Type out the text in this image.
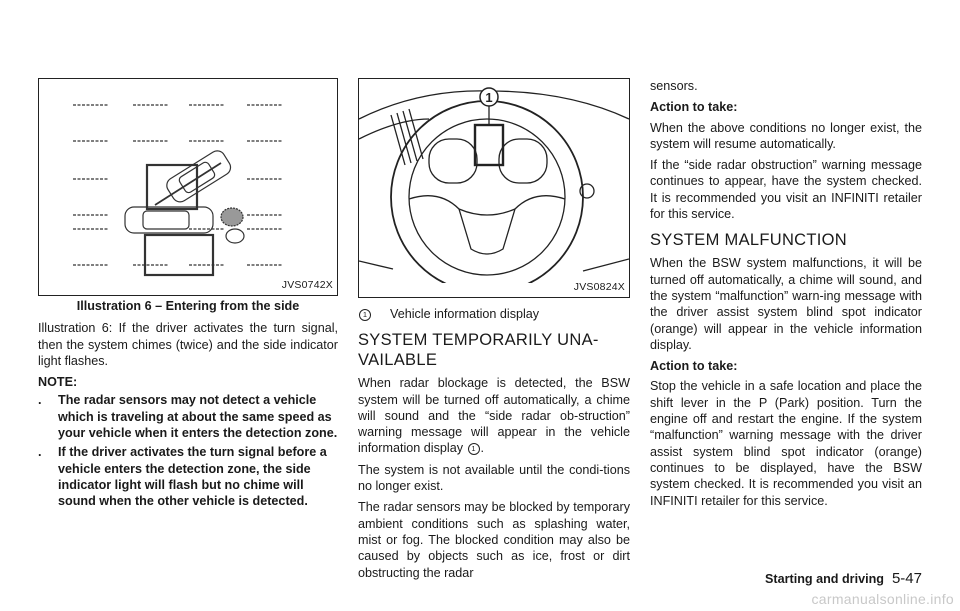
JVS0742X
Illustration 6 – Entering from the side

Illustration 6: If the driver activates the turn signal, then the system chimes (twice) and the side indicator light flashes.

NOTE:
.	The radar sensors may not detect a vehicle which is traveling at about the same speed as your vehicle when it enters the detection zone.
.	If the driver activates the turn signal before a vehicle enters the detection zone, the side indicator light will flash but no chime will sound when the other vehicle is detected.
1
JVS0824X
1	Vehicle information display
SYSTEM TEMPORARILY UNA-VAILABLE

When radar blockage is detected, the BSW system will be turned off automatically, a chime will sound and the “side radar ob-struction” warning message will appear in the vehicle information display 1 .

The system is not available until the condi-tions no longer exist.

The radar sensors may be blocked by temporary ambient conditions such as splashing water, mist or fog. The blocked condition may also be caused by objects such as ice, frost or dirt obstructing the radar

sensors.

Action to take:

When the above conditions no longer exist, the system will resume automatically.

If the “side radar obstruction” warning message continues to appear, have the system checked. It is recommended you visit an INFINITI retailer for this service.

SYSTEM MALFUNCTION

When the BSW system malfunctions, it will be turned off automatically, a chime will sound, and the system “malfunction” warn-ing message with the driver assist system blind spot indicator (orange) will appear in the vehicle information display.

Action to take:

Stop the vehicle in a safe location and place the shift lever in the P (Park) position. Turn the engine off and restart the engine. If the system “malfunction” warning message with the driver assist system blind spot indicator (orange) continues to be displayed, have the BSW system checked. It is recommended you visit an INFINITI retailer for this service.

Starting and driving 5-47
carmanualsonline.info
